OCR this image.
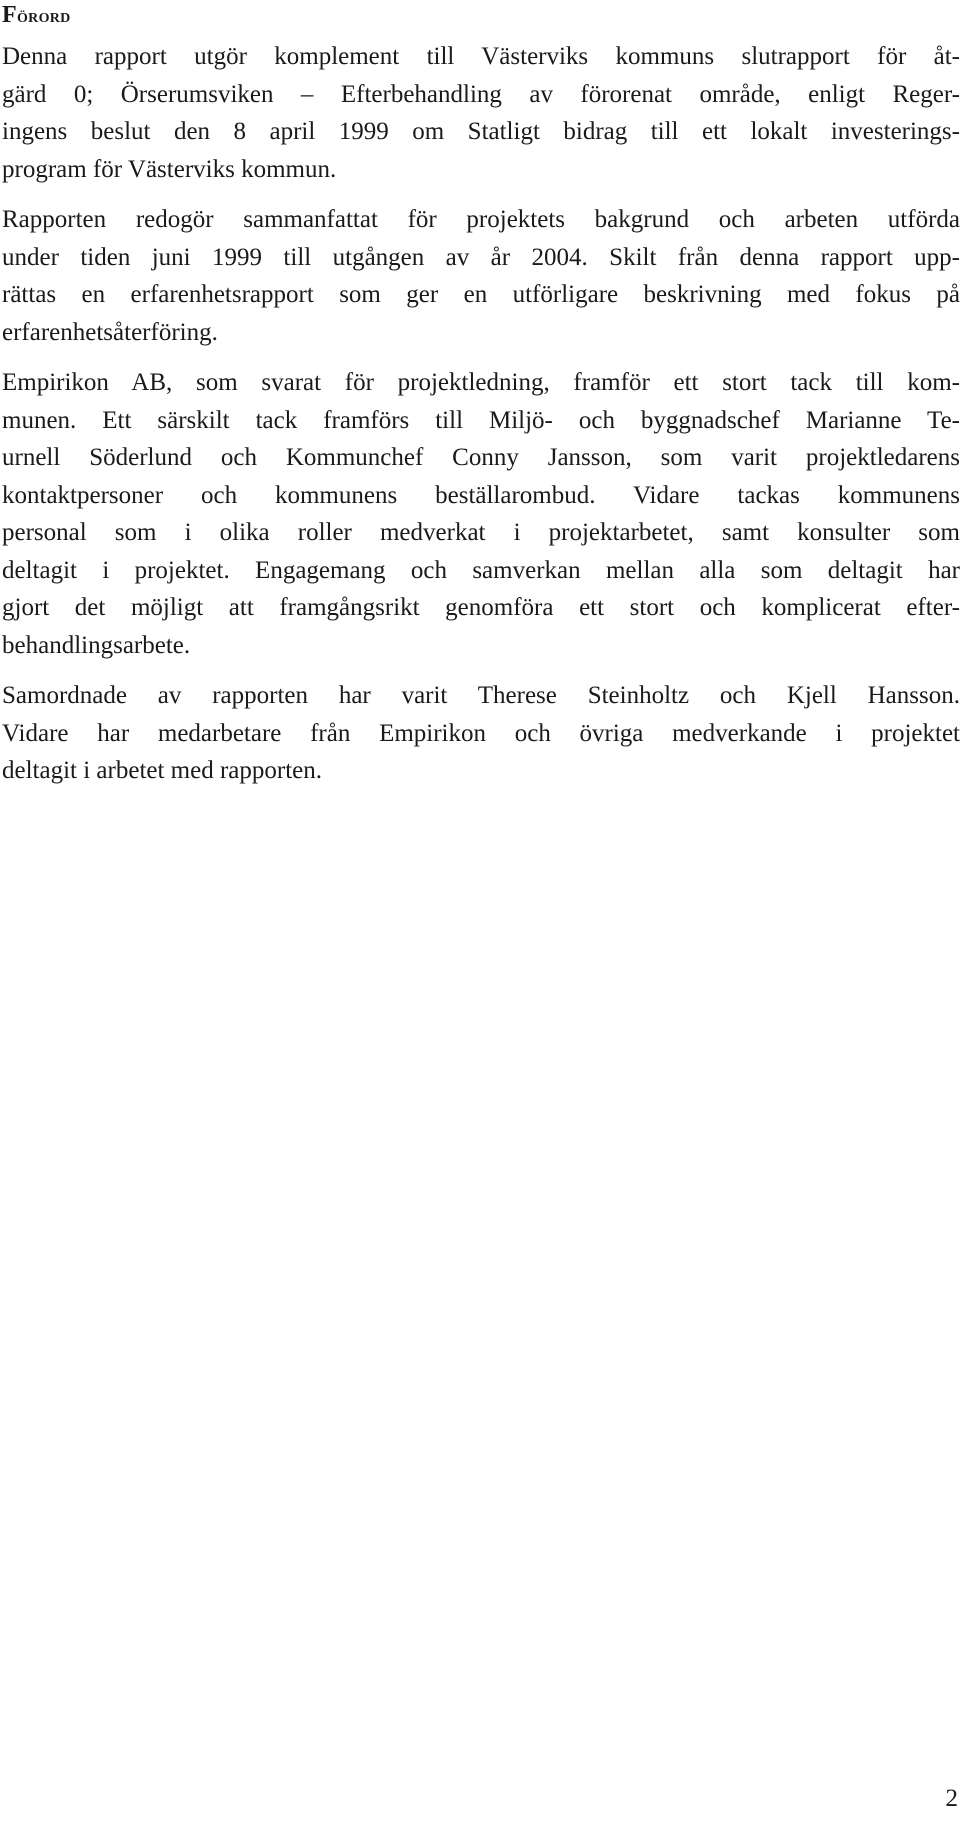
Förord

Denna rapport utgör komplement till Västerviks kommuns slutrapport för åt-
gärd 0; Örserumsviken – Efterbehandling av förorenat område, enligt Reger-
ingens beslut den 8 april 1999 om Statligt bidrag till ett lokalt investerings-
program för Västerviks kommun.

Rapporten redogör sammanfattat för projektets bakgrund och arbeten utförda
under tiden juni 1999 till utgången av år 2004. Skilt från denna rapport upp-
rättas en erfarenhetsrapport som ger en utförligare beskrivning med fokus på
erfarenhetsåterföring.

Empirikon AB, som svarat för projektledning, framför ett stort tack till kom-
munen. Ett särskilt tack framförs till Miljö- och byggnadschef Marianne Te-
urnell Söderlund och Kommunchef Conny Jansson, som varit projektledarens
kontaktpersoner och kommunens beställarombud. Vidare tackas kommunens
personal som i olika roller medverkat i projektarbetet, samt konsulter som
deltagit i projektet. Engagemang och samverkan mellan alla som deltagit har
gjort det möjligt att framgångsrikt genomföra ett stort och komplicerat efter-
behandlingsarbete.

Samordnade av rapporten har varit Therese Steinholtz och Kjell Hansson.
Vidare har medarbetare från Empirikon och övriga medverkande i projektet
deltagit i arbetet med rapporten.

2
